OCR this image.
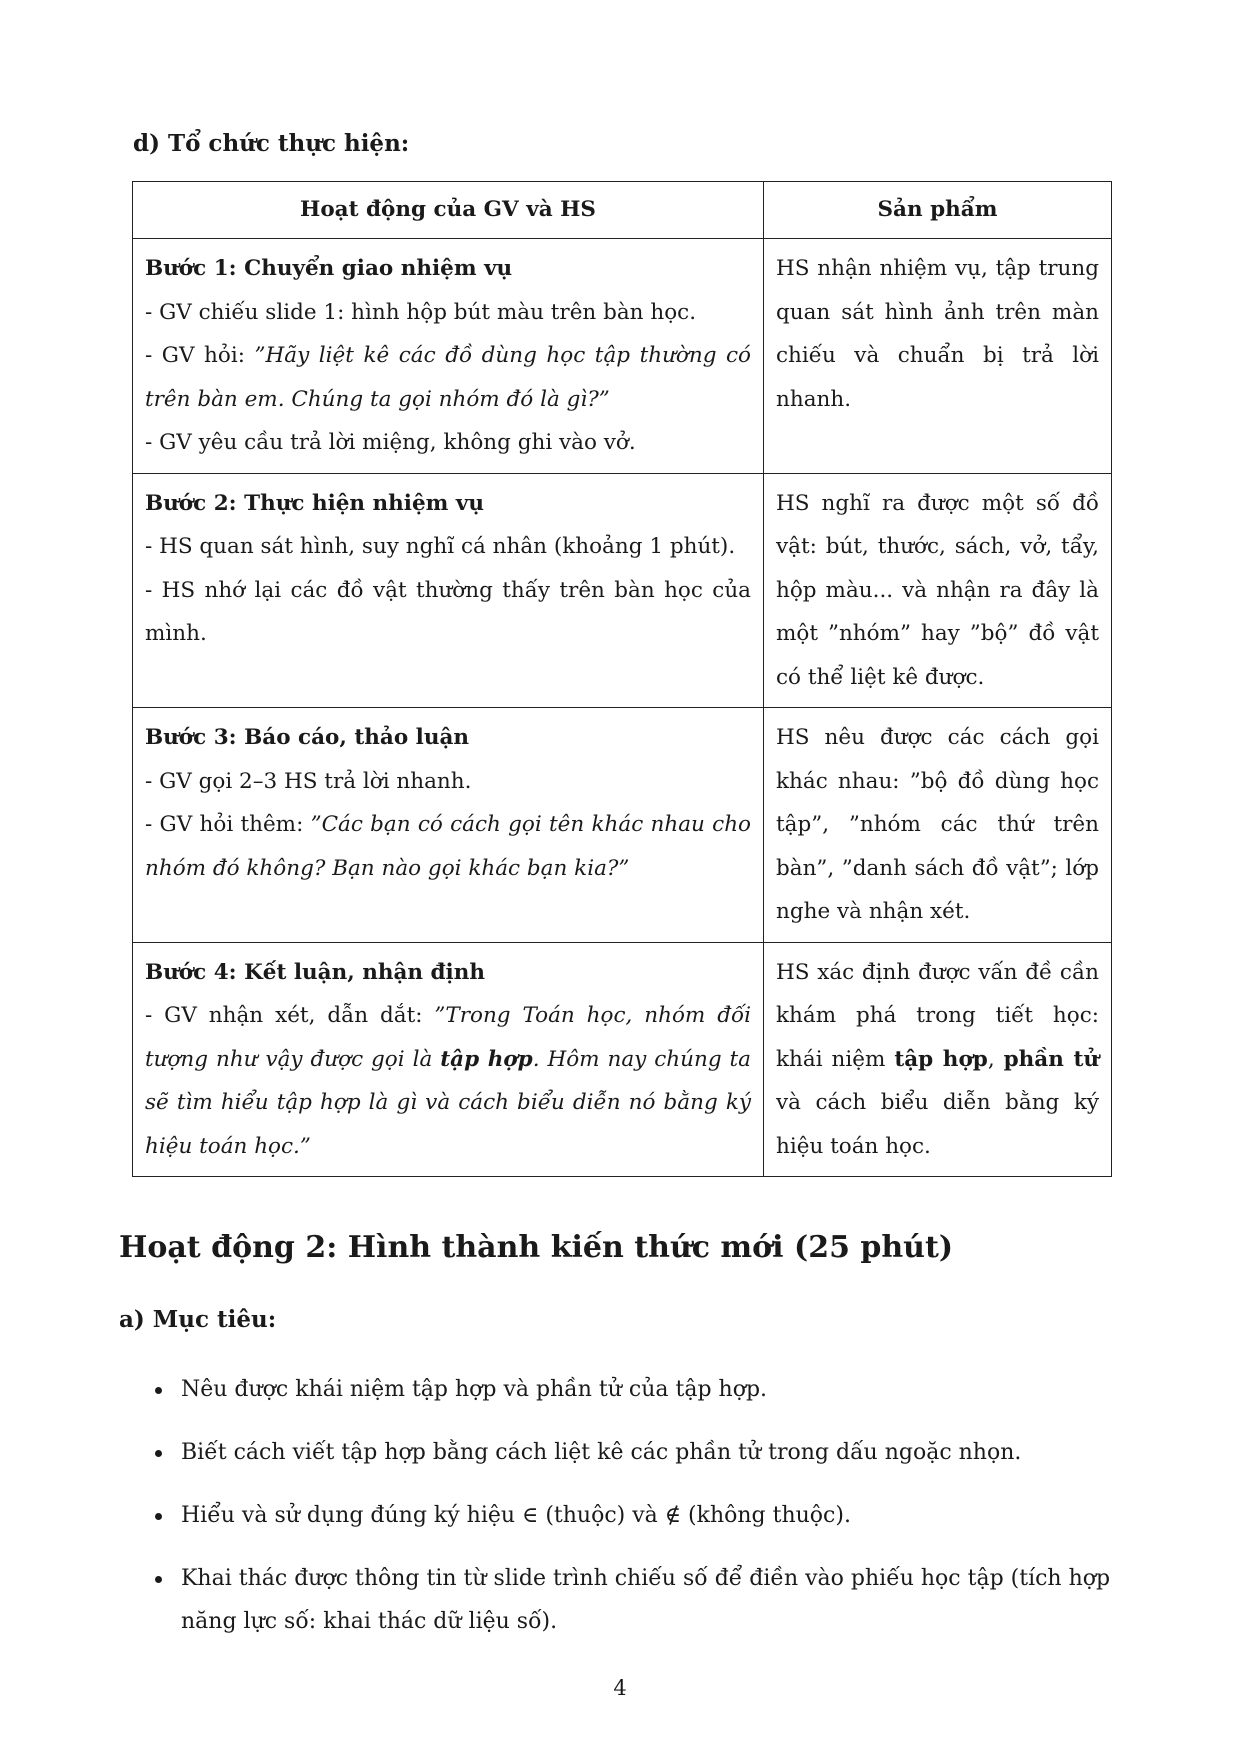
d) Tổ chức thực hiện:

Hoạt động của GV và HS	Sản phẩm

Bước 1: Chuyển giao nhiệm vụ
- GV chiếu slide 1: hình hộp bút màu trên bàn học.
- GV hỏi: ”Hãy liệt kê các đồ dùng học tập thường có trên bàn em. Chúng ta gọi nhóm đó là gì?”
- GV yêu cầu trả lời miệng, không ghi vào vở.	HS nhận nhiệm vụ, tập trung quan sát hình ảnh trên màn chiếu và chuẩn bị trả lời nhanh.

Bước 2: Thực hiện nhiệm vụ
- HS quan sát hình, suy nghĩ cá nhân (khoảng 1 phút).
- HS nhớ lại các đồ vật thường thấy trên bàn học của mình.	HS nghĩ ra được một số đồ vật: bút, thước, sách, vở, tẩy, hộp màu... và nhận ra đây là một ”nhóm” hay ”bộ” đồ vật có thể liệt kê được.

Bước 3: Báo cáo, thảo luận
- GV gọi 2–3 HS trả lời nhanh.
- GV hỏi thêm: ”Các bạn có cách gọi tên khác nhau cho nhóm đó không? Bạn nào gọi khác bạn kia?”	HS nêu được các cách gọi khác nhau: ”bộ đồ dùng học tập”, ”nhóm các thứ trên bàn”, ”danh sách đồ vật”; lớp nghe và nhận xét.

Bước 4: Kết luận, nhận định
- GV nhận xét, dẫn dắt: ”Trong Toán học, nhóm đối tượng như vậy được gọi là tập hợp. Hôm nay chúng ta sẽ tìm hiểu tập hợp là gì và cách biểu diễn nó bằng ký hiệu toán học.”	HS xác định được vấn đề cần khám phá trong tiết học: khái niệm tập hợp, phần tử và cách biểu diễn bằng ký hiệu toán học.
Hoạt động 2: Hình thành kiến thức mới (25 phút)

a) Mục tiêu:

Nêu được khái niệm tập hợp và phần tử của tập hợp.
Biết cách viết tập hợp bằng cách liệt kê các phần tử trong dấu ngoặc nhọn.
Hiểu và sử dụng đúng ký hiệu ∈ (thuộc) và ∉ (không thuộc).
Khai thác được thông tin từ slide trình chiếu số để điền vào phiếu học tập (tích hợp năng lực số: khai thác dữ liệu số).
4
